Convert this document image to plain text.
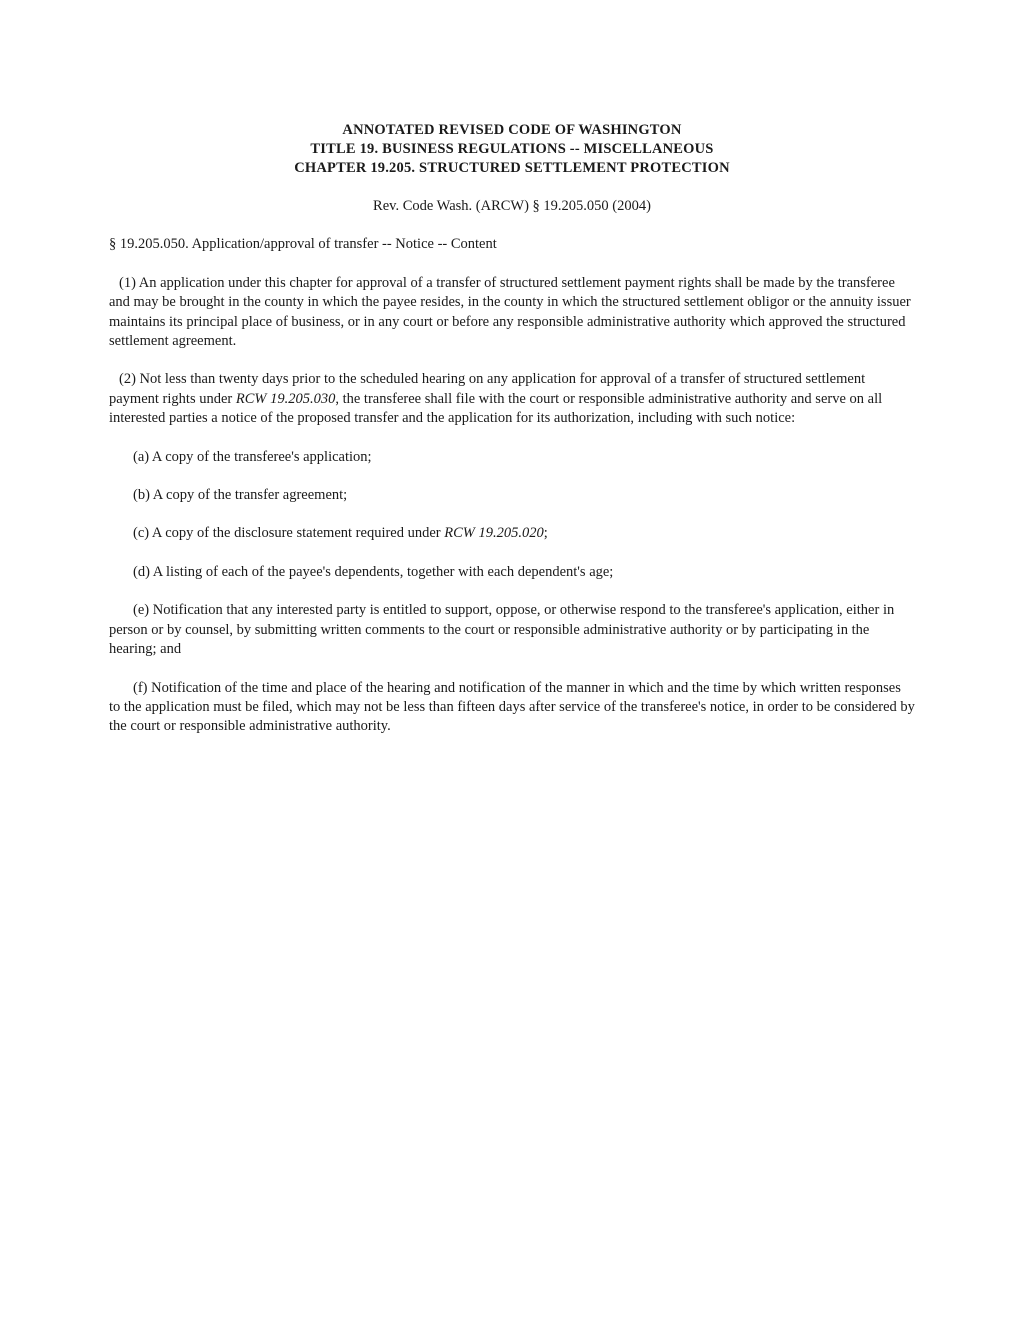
ANNOTATED REVISED CODE OF WASHINGTON
TITLE 19. BUSINESS REGULATIONS -- MISCELLANEOUS
CHAPTER 19.205. STRUCTURED SETTLEMENT PROTECTION
Rev. Code Wash. (ARCW) § 19.205.050 (2004)
§ 19.205.050. Application/approval of transfer -- Notice -- Content

(1) An application under this chapter for approval of a transfer of structured settlement payment rights shall be made by the transferee and may be brought in the county in which the payee resides, in the county in which the structured settlement obligor or the annuity issuer maintains its principal place of business, or in any court or before any responsible administrative authority which approved the structured settlement agreement.

(2) Not less than twenty days prior to the scheduled hearing on any application for approval of a transfer of structured settlement payment rights under RCW 19.205.030, the transferee shall file with the court or responsible administrative authority and serve on all interested parties a notice of the proposed transfer and the application for its authorization, including with such notice:

(a) A copy of the transferee's application;

(b) A copy of the transfer agreement;

(c) A copy of the disclosure statement required under RCW 19.205.020;

(d) A listing of each of the payee's dependents, together with each dependent's age;

(e) Notification that any interested party is entitled to support, oppose, or otherwise respond to the transferee's application, either in person or by counsel, by submitting written comments to the court or responsible administrative authority or by participating in the hearing; and

(f) Notification of the time and place of the hearing and notification of the manner in which and the time by which written responses to the application must be filed, which may not be less than fifteen days after service of the transferee's notice, in order to be considered by the court or responsible administrative authority.
